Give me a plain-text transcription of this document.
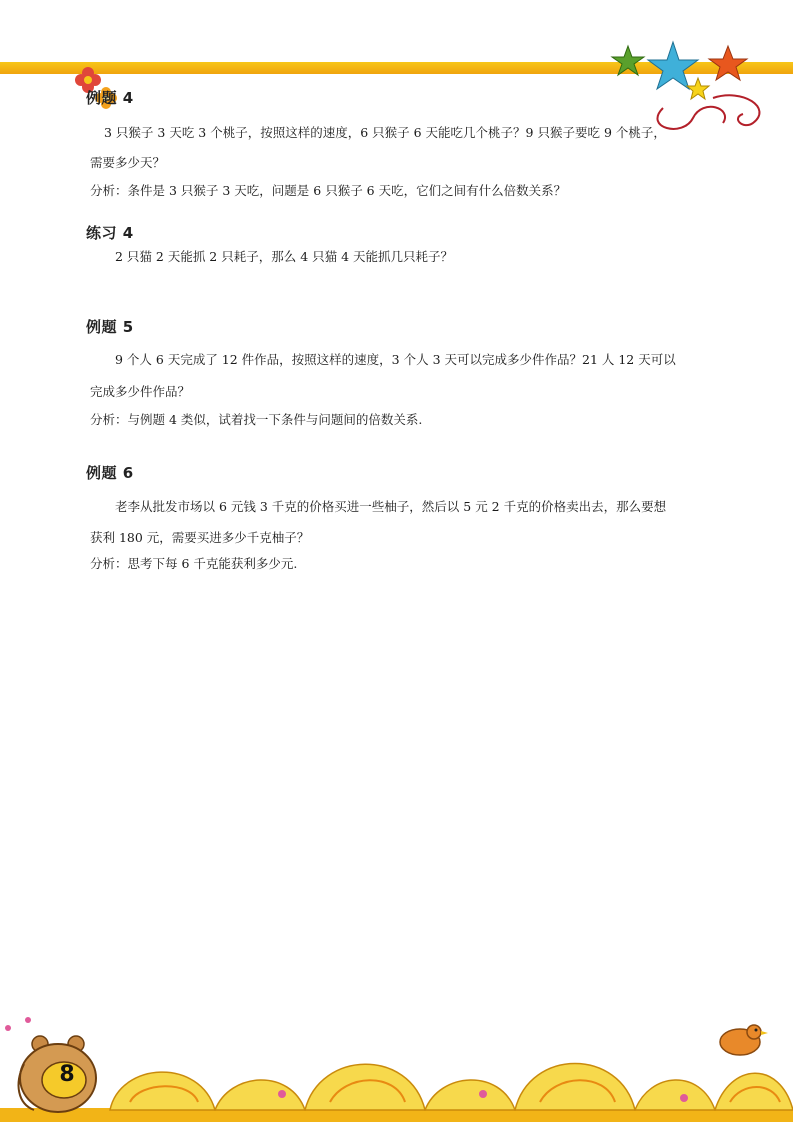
例题 4
3 只猴子 3 天吃 3 个桃子，按照这样的速度，6 只猴子 6 天能吃几个桃子？9 只猴子要吃 9 个桃子，
需要多少天？
分析：条件是 3 只猴子 3 天吃，问题是 6 只猴子 6 天吃，它们之间有什么倍数关系？
练习 4
2 只猫 2 天能抓 2 只耗子，那么 4 只猫 4 天能抓几只耗子？
例题 5
9 个人 6 天完成了 12 件作品，按照这样的速度，3 个人 3 天可以完成多少件作品？21 人 12 天可以
完成多少件作品？
分析：与例题 4 类似，试着找一下条件与问题间的倍数关系.
例题 6
老李从批发市场以 6 元钱 3 千克的价格买进一些柚子，然后以 5 元 2 千克的价格卖出去，那么要想
获利 180 元，需要买进多少千克柚子？
分析：思考下每 6 千克能获利多少元.
8
